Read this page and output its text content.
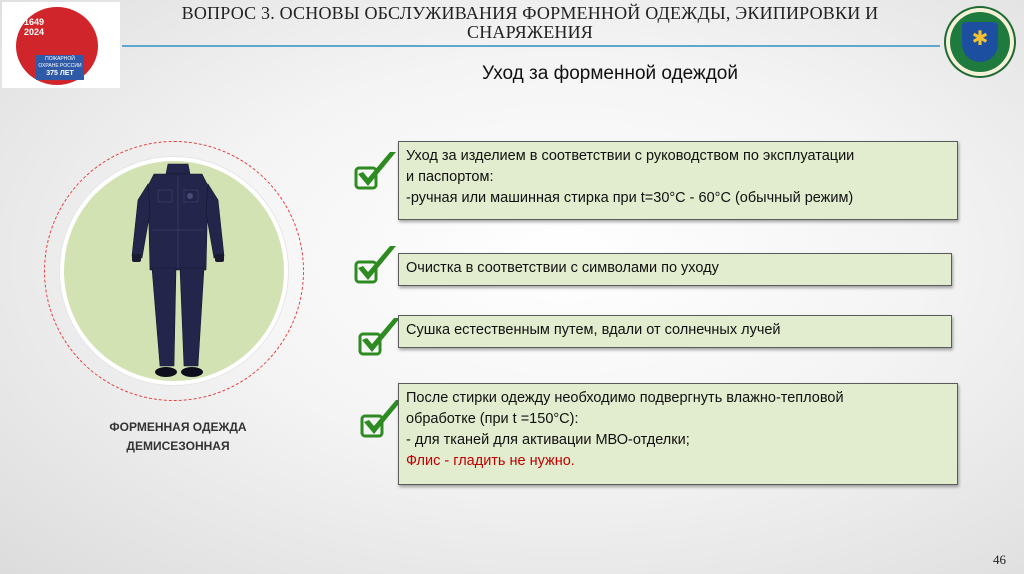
1649
2024
ПОЖАРНОЙ
ОХРАНЕ РОССИИ
375 ЛЕТ
ВОПРОС 3. ОСНОВЫ ОБСЛУЖИВАНИЯ ФОРМЕННОЙ ОДЕЖДЫ, ЭКИПИРОВКИ И СНАРЯЖЕНИЯ	✱
Уход за форменной одеждой
ФОРМЕННАЯ ОДЕЖДА
ДЕМИСЕЗОННАЯ
Уход за изделием в соответствии с руководством по эксплуатации
и паспортом:
-ручная или машинная стирка при t=30°С - 60°С (обычный режим)
Очистка в соответствии с символами по уходу
Сушка естественным путем, вдали от солнечных лучей
После стирки одежду необходимо подвергнуть влажно-тепловой
обработке (при t =150°С):
- для тканей для активации МВО-отделки;
Флис - гладить не нужно.
46
